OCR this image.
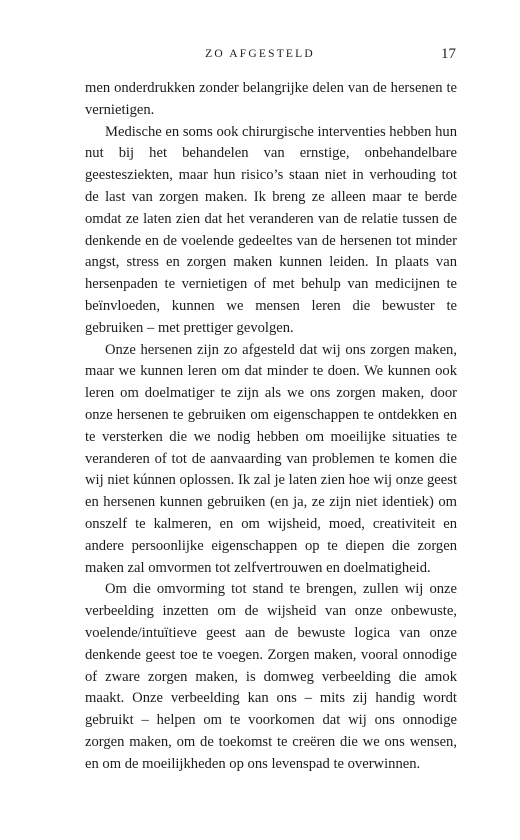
ZO AFGESTELD	17

men onderdrukken zonder belangrijke delen van de hersenen te vernietigen.

Medische en soms ook chirurgische interventies hebben hun nut bij het behandelen van ernstige, onbehandelbare geestesziekten, maar hun risico’s staan niet in verhouding tot de last van zorgen maken. Ik breng ze alleen maar te berde omdat ze laten zien dat het veranderen van de relatie tussen de denkende en de voelende gedeeltes van de hersenen tot minder angst, stress en zorgen maken kunnen leiden. In plaats van hersenpaden te vernietigen of met behulp van medicijnen te beïnvloeden, kunnen we mensen leren die bewuster te gebruiken – met prettiger gevolgen.

Onze hersenen zijn zo afgesteld dat wij ons zorgen maken, maar we kunnen leren om dat minder te doen. We kunnen ook leren om doelmatiger te zijn als we ons zorgen maken, door onze hersenen te gebruiken om eigenschappen te ontdekken en te versterken die we nodig hebben om moeilijke situaties te veranderen of tot de aanvaarding van problemen te komen die wij niet kúnnen oplossen. Ik zal je laten zien hoe wij onze geest en hersenen kunnen gebruiken (en ja, ze zijn niet identiek) om onszelf te kalmeren, en om wijsheid, moed, creativiteit en andere persoonlijke eigenschappen op te diepen die zorgen maken zal omvormen tot zelfvertrouwen en doelmatigheid.

Om die omvorming tot stand te brengen, zullen wij onze verbeelding inzetten om de wijsheid van onze onbewuste, voelende/intuïtieve geest aan de bewuste logica van onze denkende geest toe te voegen. Zorgen maken, vooral onnodige of zware zorgen maken, is domweg verbeelding die amok maakt. Onze verbeelding kan ons – mits zij handig wordt gebruikt – helpen om te voorkomen dat wij ons onnodige zorgen maken, om de toekomst te creëren die we ons wensen, en om de moeilijkheden op ons levenspad te overwinnen.
